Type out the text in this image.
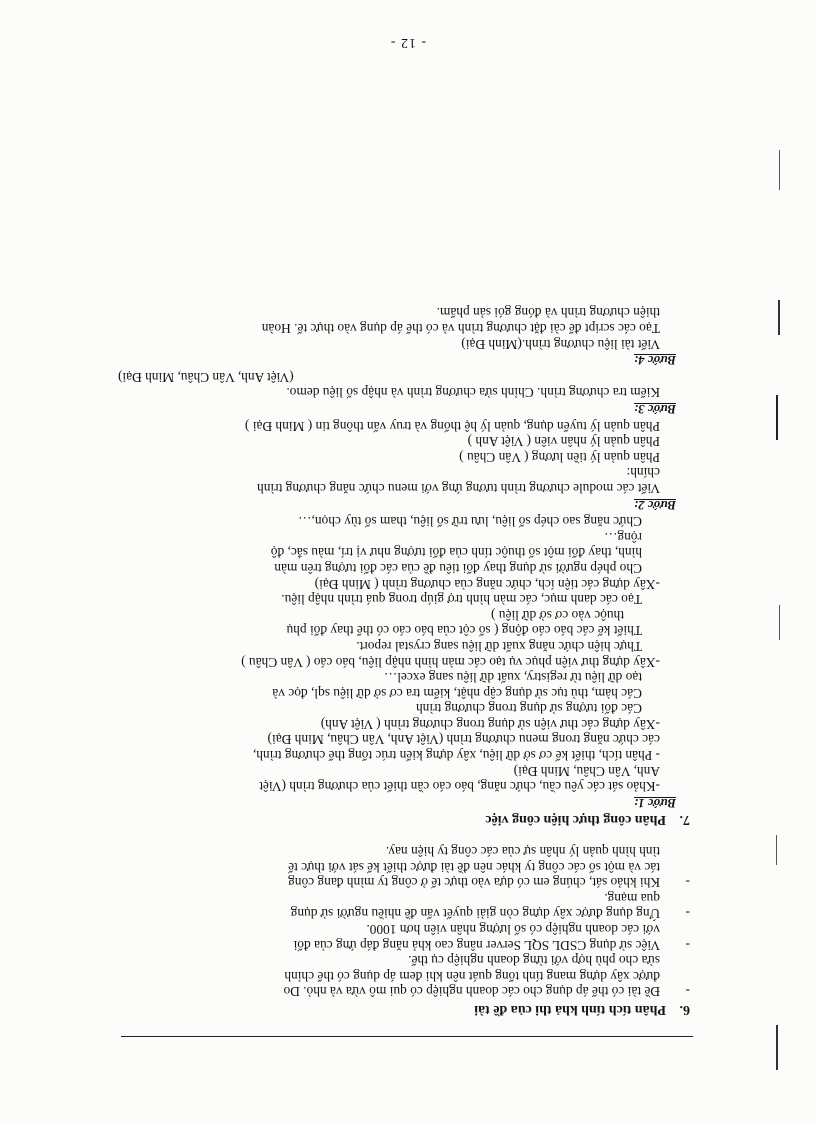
6.Phân tích tính khả thi của đề tài

-
Đề tài có thể áp dụng cho các doanh nghiệp có qui mô vừa và nhỏ. Do

được xây dựng mang tính tổng quát nên khi đem áp dụng có thể chỉnh

sửa cho phù hợp với từng doanh nghiệp cụ thể.

-
Việc sử dụng CSDL SQL Server nâng cao khả năng đáp ứng của đối

với các doanh nghiệp có số lượng nhân viên hơn 1000.

-
Ứng dụng được xây dựng còn giải quyết vấn đề nhiều người sử dụng

qua mạng.

-
Khi khảo sát, chúng em có dựa vào thực tế ở công ty mình đang công

tác và một số các công ty khác nên đề tài được thiết kế sát với thực tế

tình hình quản lý nhân sự của các công ty hiện nay.

7.Phân công thực hiện công việc

Bước 1:

-Khảo sát các yêu cầu, chức năng, báo cáo cần thiết của chương trình (Việt

Anh, Vân Châu, Minh Đại)

- Phân tích, thiết kế cơ sở dữ liệu, xây dựng kiến trúc tổng thể chương trình,

các chức năng trong menu chương trình (Việt Anh, Vân Châu, Minh Đại)

-Xây dựng các thư viện sử dụng trong chương trình ( Việt Anh)

Các đối tượng sử dụng trong chương trình

Các hàm, thủ tục sử dụng cập nhật, kiểm tra cơ sở dữ liệu sql, đọc và

tạo dữ liệu từ registry, xuất dữ liệu sang excel…

-Xây dựng thư viện phục vụ tạo các màn hình nhập liệu, báo cáo ( Vân Châu )

Thực hiện chức năng xuất dữ liệu sang crystal report.

Thiết kế các báo cáo động ( số cột của báo cáo có thể thay đổi phụ

thuộc vào cơ sở dữ liệu )

Tạo các danh mục, các màn hình trợ giúp trong quá trình nhập liệu.

-Xây dựng các tiện ích, chức năng của chương trình ( Minh Đại)

Cho phép người sử dụng thay đổi tiêu đề của các đối tượng trên màn

hình, thay đổi một số thuộc tính của đối tượng như vị trí, màu sắc, độ

rộng…

Chức năng sao chép số liệu, lưu trữ số liệu, tham số tùy chọn,…

Bước 2:

Viết các module chương trình tương ứng với menu chức năng chương trình

chính:

Phân quản lý tiền lương ( Vân Châu )

Phân quản lý nhân viên ( Việt Anh )

Phân quản lý tuyển dụng, quản lý hệ thống và truy vấn thông tin ( Minh Đại )

Bước 3:

Kiểm tra chương trình. Chỉnh sửa chương trình và nhập số liệu demo.

(Việt Anh, Vân Châu, Minh Đại)

Bước 4:

Viết tài liệu chương trình.(Minh Đại)

Tạo các script để cài đặt chương trình và có thể áp dụng vào thực tế. Hoàn

thiện chương trình và đóng gói sản phẩm.

- 12 -
